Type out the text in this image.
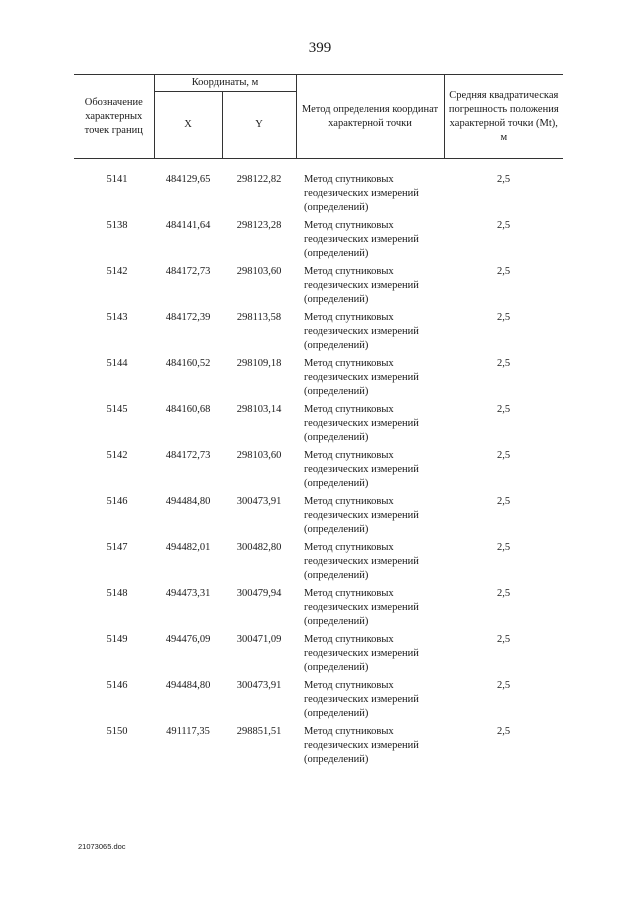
399
Обозначение характерных точек границ	Координаты, м		Метод определения координат характерной точки	Средняя квадратическая погрешность положения характерной точки (Mt), м
	X	Y		
5141	484129,65	298122,82	Метод спутниковых геодезических измерений (определений)	2,5
5138	484141,64	298123,28	Метод спутниковых геодезических измерений (определений)	2,5
5142	484172,73	298103,60	Метод спутниковых геодезических измерений (определений)	2,5
5143	484172,39	298113,58	Метод спутниковых геодезических измерений (определений)	2,5
5144	484160,52	298109,18	Метод спутниковых геодезических измерений (определений)	2,5
5145	484160,68	298103,14	Метод спутниковых геодезических измерений (определений)	2,5
5142	484172,73	298103,60	Метод спутниковых геодезических измерений (определений)	2,5
5146	494484,80	300473,91	Метод спутниковых геодезических измерений (определений)	2,5
5147	494482,01	300482,80	Метод спутниковых геодезических измерений (определений)	2,5
5148	494473,31	300479,94	Метод спутниковых геодезических измерений (определений)	2,5
5149	494476,09	300471,09	Метод спутниковых геодезических измерений (определений)	2,5
5146	494484,80	300473,91	Метод спутниковых геодезических измерений (определений)	2,5
5150	491117,35	298851,51	Метод спутниковых геодезических измерений (определений)	2,5
21073065.doc
